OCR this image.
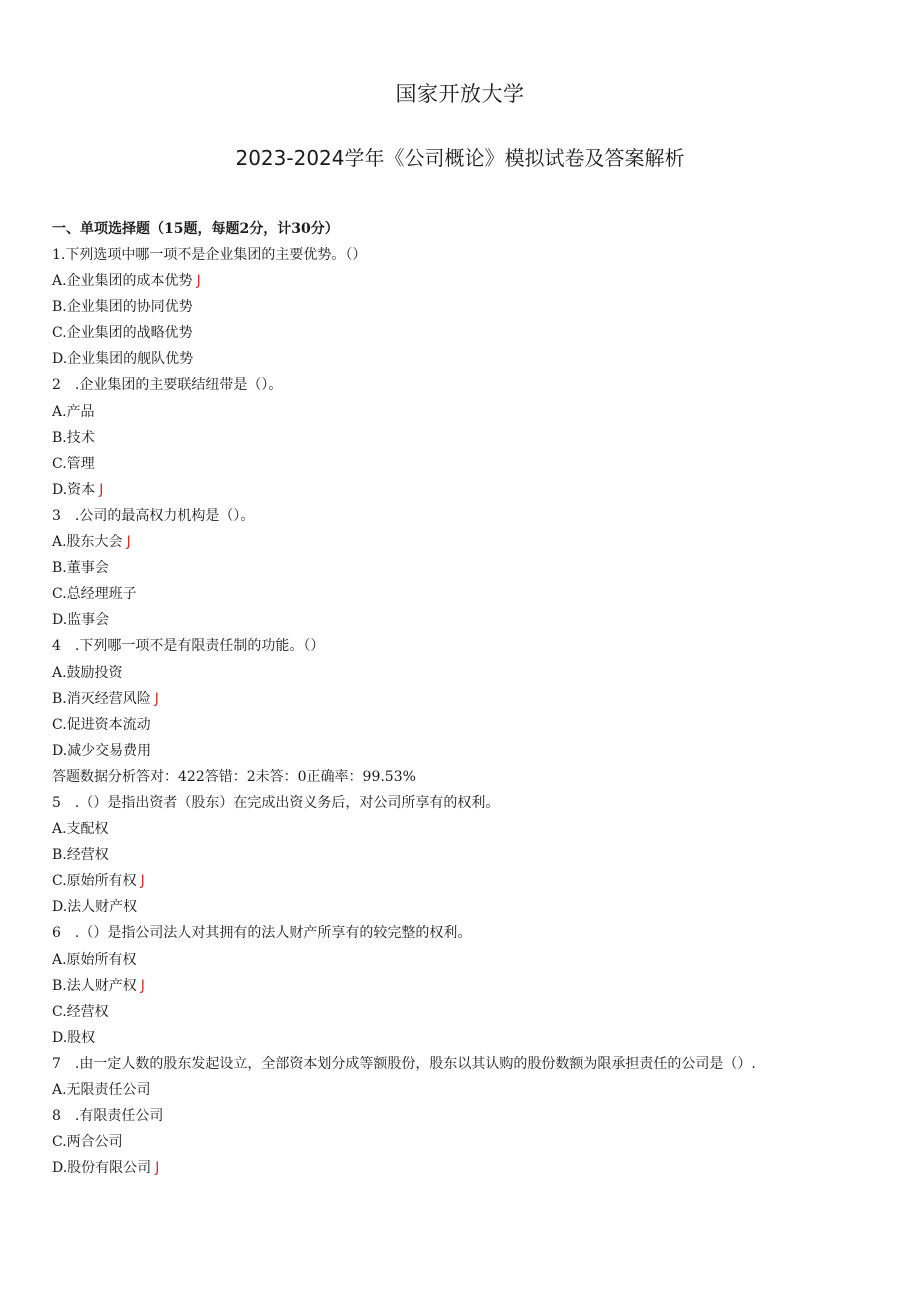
国家开放大学
2023-2024学年《公司概论》模拟试卷及答案解析
一、单项选择题（15题，每题2分，计30分）
1.下列选项中哪一项不是企业集团的主要优势。（）
A.企业集团的成本优势 J
B.企业集团的协同优势
C.企业集团的战略优势
D.企业集团的舰队优势
2　.企业集团的主要联结纽带是（）。
A.产品
B.技术
C.管理
D.资本 J
3　.公司的最高权力机构是（）。
A.股东大会 J
B.董事会
C.总经理班子
D.监事会
4　.下列哪一项不是有限责任制的功能。（）
A.鼓励投资
B.消灭经营风险 J
C.促进资本流动
D.减少交易费用
答题数据分析答对：422答错：2未答：0正确率：99.53%
5　.（）是指出资者（股东）在完成出资义务后，对公司所享有的权利。
A.支配权
B.经营权
C.原始所有权 J
D.法人财产权
6　.（）是指公司法人对其拥有的法人财产所享有的较完整的权利。
A.原始所有权
B.法人财产权 J
C.经营权
D.股权
7　.由一定人数的股东发起设立，全部资本划分成等额股份，股东以其认购的股份数额为限承担责任的公司是（）.
A.无限责任公司
8　.有限责任公司
C.两合公司
D.股份有限公司 J
